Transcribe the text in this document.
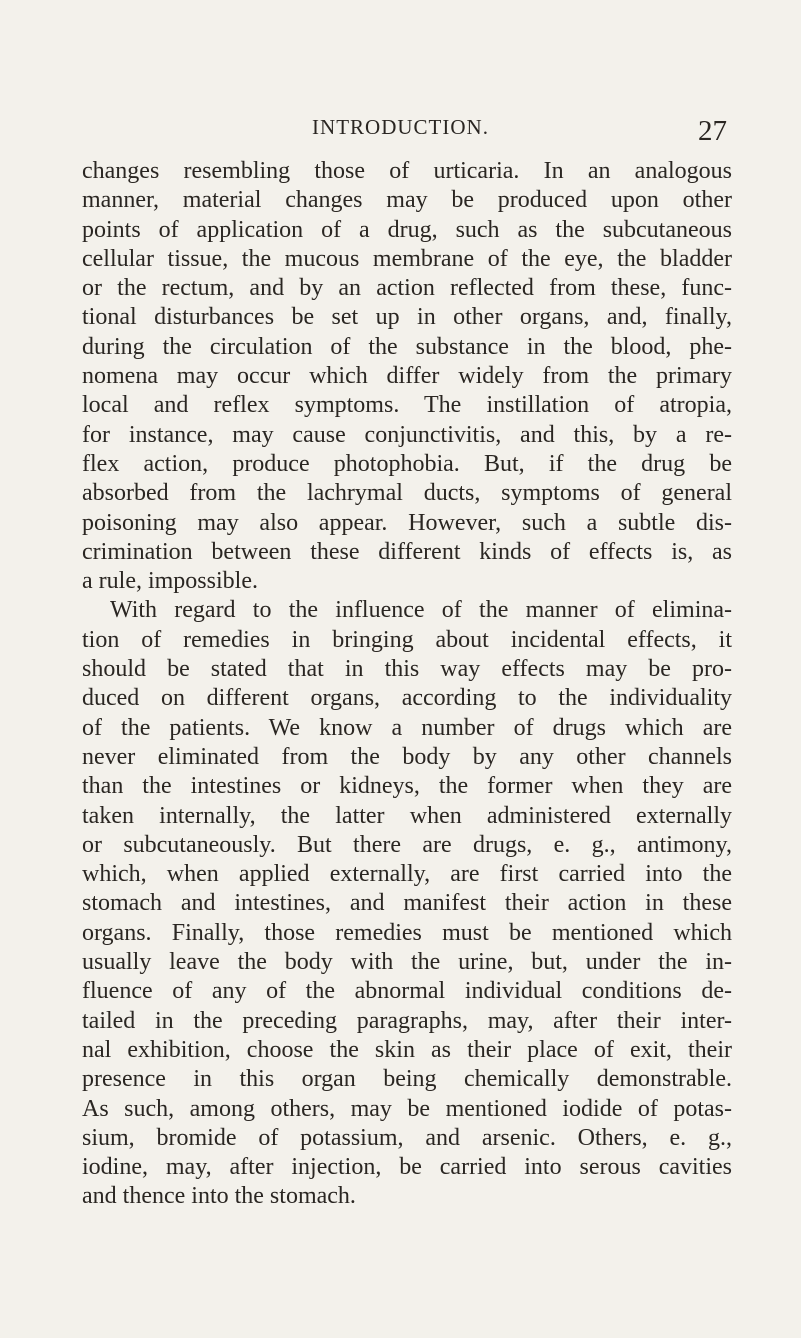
INTRODUCTION.	27
changes resembling those of urticaria. In an analogous
manner, material changes may be produced upon other
points of application of a drug, such as the subcutaneous
cellular tissue, the mucous membrane of the eye, the bladder
or the rectum, and by an action reflected from these, func-
tional disturbances be set up in other organs, and, finally,
during the circulation of the substance in the blood, phe-
nomena may occur which differ widely from the primary
local and reflex symptoms. The instillation of atropia,
for instance, may cause conjunctivitis, and this, by a re-
flex action, produce photophobia. But, if the drug be
absorbed from the lachrymal ducts, symptoms of general
poisoning may also appear. However, such a subtle dis-
crimination between these different kinds of effects is, as
a rule, impossible.
With regard to the influence of the manner of elimina-
tion of remedies in bringing about incidental effects, it
should be stated that in this way effects may be pro-
duced on different organs, according to the individuality
of the patients. We know a number of drugs which are
never eliminated from the body by any other channels
than the intestines or kidneys, the former when they are
taken internally, the latter when administered externally
or subcutaneously. But there are drugs, e. g., antimony,
which, when applied externally, are first carried into the
stomach and intestines, and manifest their action in these
organs. Finally, those remedies must be mentioned which
usually leave the body with the urine, but, under the in-
fluence of any of the abnormal individual conditions de-
tailed in the preceding paragraphs, may, after their inter-
nal exhibition, choose the skin as their place of exit, their
presence in this organ being chemically demonstrable.
As such, among others, may be mentioned iodide of potas-
sium, bromide of potassium, and arsenic. Others, e. g.,
iodine, may, after injection, be carried into serous cavities
and thence into the stomach.
